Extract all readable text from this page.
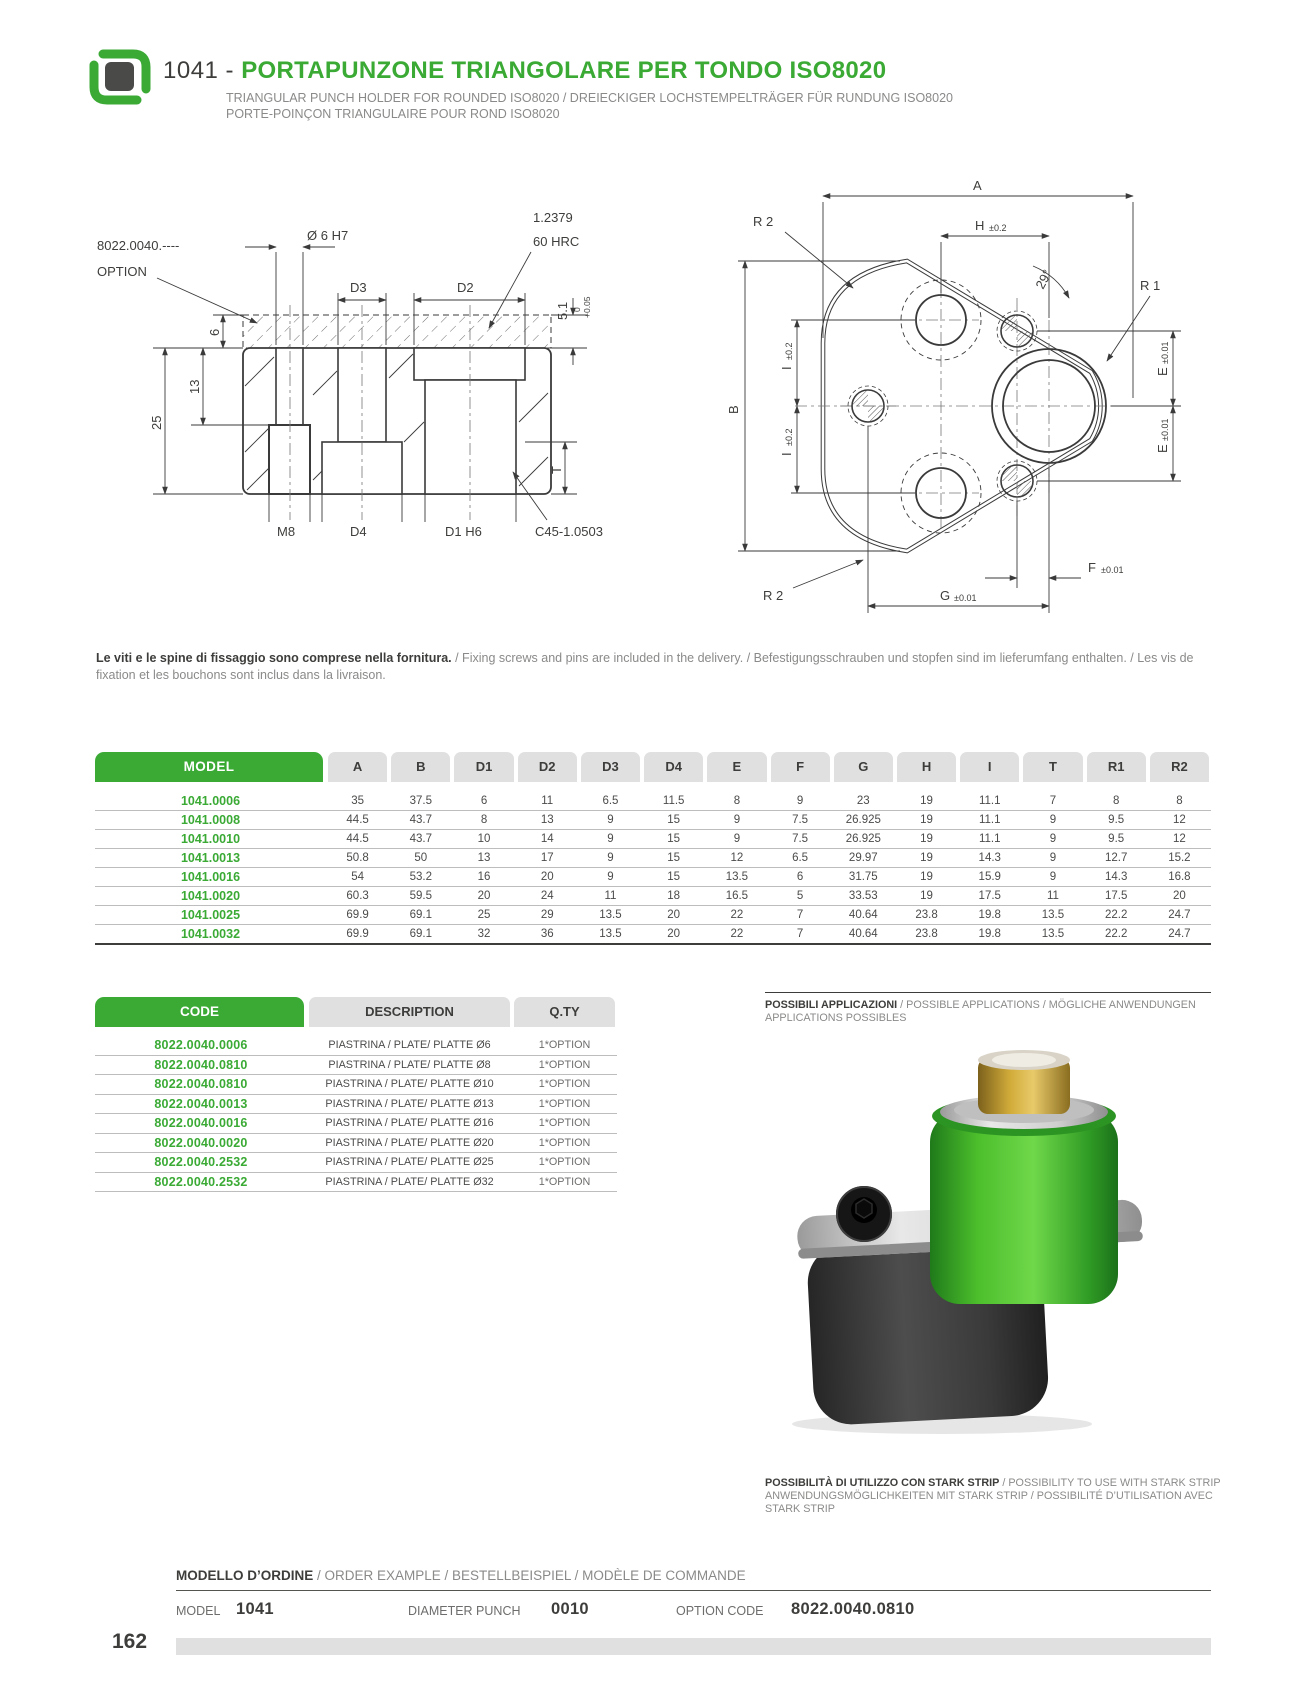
1041 - PORTAPUNZONE TRIANGOLARE PER TONDO ISO8020
TRIANGULAR PUNCH HOLDER FOR ROUNDED ISO8020 / DREIECKIGER LOCHSTEMPELTRÄGER FÜR RUNDUNG ISO8020
PORTE-POINÇON TRIANGULAIRE POUR ROND ISO8020
8022.0040.----
OPTION
Ø 6 H7
D3	D2
1.2379
60 HRC
5.1 0 +0.05
6
13
25
T
M8	D4	D1 H6	C45-1.0503
A
H ±0.2
29°
R 2
R 1
B
I
±0.2
I
±0.2
E
±0.01
E
±0.01
F ±0.01
G ±0.01
R 2
Le viti e le spine di fissaggio sono comprese nella fornitura. / Fixing screws and pins are included in the delivery. / Befestigungsschrauben und stopfen sind im lieferumfang enthalten. / Les vis de fixation et les bouchons sont inclus dans la livraison.
MODEL	A	B	D1	D2	D3	D4	E	F	G	H	I	T	R1	R2
1041.0006	35	37.5	6	11	6.5	11.5	8	9	23	19	11.1	7	8	8
1041.0008	44.5	43.7	8	13	9	15	9	7.5	26.925	19	11.1	9	9.5	12
1041.0010	44.5	43.7	10	14	9	15	9	7.5	26.925	19	11.1	9	9.5	12
1041.0013	50.8	50	13	17	9	15	12	6.5	29.97	19	14.3	9	12.7	15.2
1041.0016	54	53.2	16	20	9	15	13.5	6	31.75	19	15.9	9	14.3	16.8
1041.0020	60.3	59.5	20	24	11	18	16.5	5	33.53	19	17.5	11	17.5	20
1041.0025	69.9	69.1	25	29	13.5	20	22	7	40.64	23.8	19.8	13.5	22.2	24.7
1041.0032	69.9	69.1	32	36	13.5	20	22	7	40.64	23.8	19.8	13.5	22.2	24.7
CODE	DESCRIPTION	Q.TY
8022.0040.0006	PIASTRINA / PLATE/ PLATTE Ø6	1*OPTION
8022.0040.0810	PIASTRINA / PLATE/ PLATTE Ø8	1*OPTION
8022.0040.0810	PIASTRINA / PLATE/ PLATTE Ø10	1*OPTION
8022.0040.0013	PIASTRINA / PLATE/ PLATTE Ø13	1*OPTION
8022.0040.0016	PIASTRINA / PLATE/ PLATTE Ø16	1*OPTION
8022.0040.0020	PIASTRINA / PLATE/ PLATTE Ø20	1*OPTION
8022.0040.2532	PIASTRINA / PLATE/ PLATTE Ø25	1*OPTION
8022.0040.2532	PIASTRINA / PLATE/ PLATTE Ø32	1*OPTION
POSSIBILI APPLICAZIONI / POSSIBLE APPLICATIONS / MÖGLICHE ANWENDUNGEN
APPLICATIONS POSSIBLES
POSSIBILITÀ DI UTILIZZO CON STARK STRIP / POSSIBILITY TO USE WITH STARK STRIP
ANWENDUNGSMÖGLICHKEITEN MIT STARK STRIP / POSSIBILITÉ D’UTILISATION AVEC STARK STRIP
MODELLO D’ORDINE / ORDER EXAMPLE / BESTELLBEISPIEL / MODÈLE DE COMMANDE
MODEL 1041	DIAMETER PUNCH 0010	OPTION CODE 8022.0040.0810
162
